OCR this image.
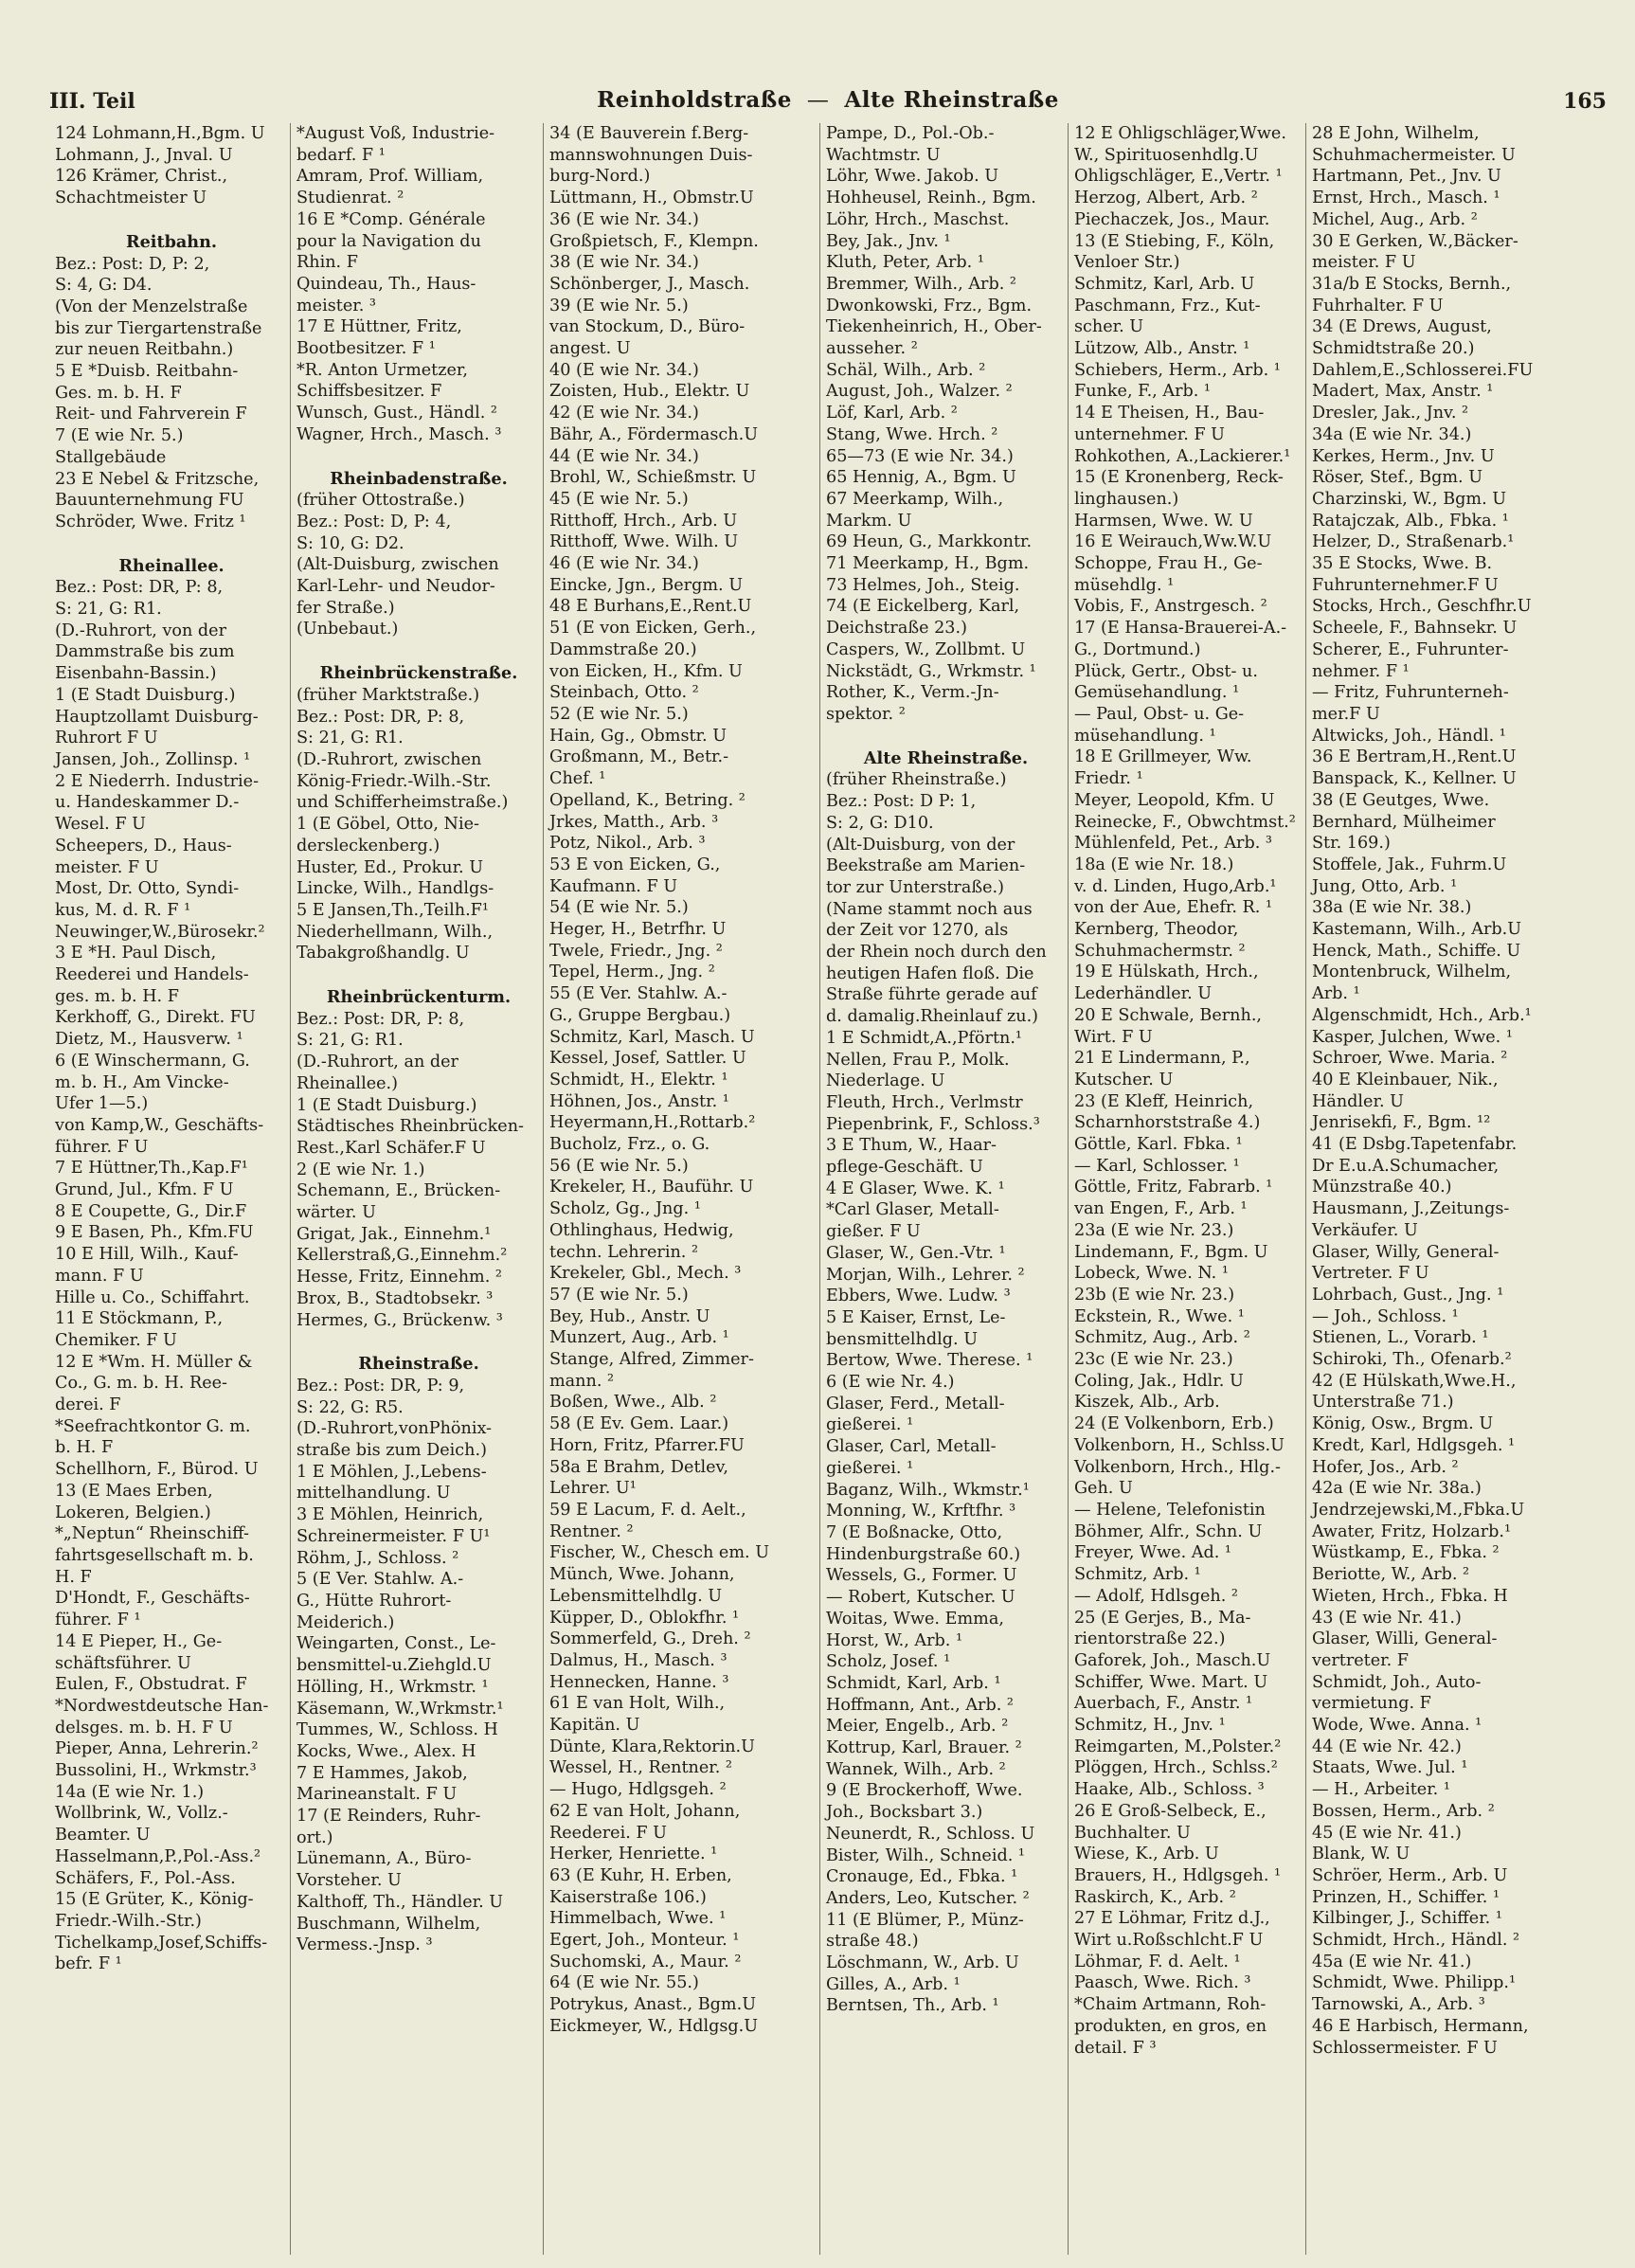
III. Teil	Reinholdstraße — Alte Rheinstraße	165
124 Lohmann,H.,Bgm. U
Lohmann, J., Jnval. U
126 Krämer, Christ.,
Schachtmeister U
Reitbahn.
Bez.: Post: D, P: 2,
S: 4, G: D4.
(Von der Menzelstraße
bis zur Tiergartenstraße
zur neuen Reitbahn.)
5 E *Duisb. Reitbahn-
Ges. m. b. H. F
Reit- und Fahrverein F
7 (E wie Nr. 5.)
Stallgebäude
23 E Nebel & Fritzsche,
Bauunternehmung FU
Schröder, Wwe. Fritz ¹
Rheinallee.
Bez.: Post: DR, P: 8,
S: 21, G: R1.
(D.-Ruhrort, von der
Dammstraße bis zum
Eisenbahn-Bassin.)
1 (E Stadt Duisburg.)
Hauptzollamt Duisburg-
Ruhrort F U
Jansen, Joh., Zollinsp. ¹
2 E Niederrh. Industrie-
u. Handeskammer D.-
Wesel. F U
Scheepers, D., Haus-
meister. F U
Most, Dr. Otto, Syndi-
kus, M. d. R. F ¹
Neuwinger,W.,Bürosekr.²
3 E *H. Paul Disch,
Reederei und Handels-
ges. m. b. H. F
Kerkhoff, G., Direkt. FU
Dietz, M., Hausverw. ¹
6 (E Winschermann, G.
m. b. H., Am Vincke-
Ufer 1—5.)
von Kamp,W., Geschäfts-
führer. F U
7 E Hüttner,Th.,Kap.F¹
Grund, Jul., Kfm. F U
8 E Coupette, G., Dir.F
9 E Basen, Ph., Kfm.FU
10 E Hill, Wilh., Kauf-
mann. F U
Hille u. Co., Schiffahrt.
11 E Stöckmann, P.,
Chemiker. F U
12 E *Wm. H. Müller &
Co., G. m. b. H. Ree-
derei. F
*Seefrachtkontor G. m.
b. H. F
Schellhorn, F., Bürod. U
13 (E Maes Erben,
Lokeren, Belgien.)
*„Neptun“ Rheinschiff-
fahrtsgesellschaft m. b.
H. F
D'Hondt, F., Geschäfts-
führer. F ¹
14 E Pieper, H., Ge-
schäftsführer. U
Eulen, F., Obstudrat. F
*Nordwestdeutsche Han-
delsges. m. b. H. F U
Pieper, Anna, Lehrerin.²
Bussolini, H., Wrkmstr.³
14a (E wie Nr. 1.)
Wollbrink, W., Vollz.-
Beamter. U
Hasselmann,P.,Pol.-Ass.²
Schäfers, F., Pol.-Ass.
15 (E Grüter, K., König-
Friedr.-Wilh.-Str.)
Tichelkamp,Josef,Schiffs-
befr. F ¹
*August Voß, Industrie-
bedarf. F ¹
Amram, Prof. William,
Studienrat. ²
16 E *Comp. Générale
pour la Navigation du
Rhin. F
Quindeau, Th., Haus-
meister. ³
17 E Hüttner, Fritz,
Bootbesitzer. F ¹
*R. Anton Urmetzer,
Schiffsbesitzer. F
Wunsch, Gust., Händl. ²
Wagner, Hrch., Masch. ³
Rheinbadenstraße.
(früher Ottostraße.)
Bez.: Post: D, P: 4,
S: 10, G: D2.
(Alt-Duisburg, zwischen
Karl-Lehr- und Neudor-
fer Straße.)
(Unbebaut.)
Rheinbrückenstraße.
(früher Marktstraße.)
Bez.: Post: DR, P: 8,
S: 21, G: R1.
(D.-Ruhrort, zwischen
König-Friedr.-Wilh.-Str.
und Schifferheimstraße.)
1 (E Göbel, Otto, Nie-
dersleckenberg.)
Huster, Ed., Prokur. U
Lincke, Wilh., Handlgs-
5 E Jansen,Th.,Teilh.F¹
Niederhellmann, Wilh.,
Tabakgroßhandlg. U
Rheinbrückenturm.
Bez.: Post: DR, P: 8,
S: 21, G: R1.
(D.-Ruhrort, an der
Rheinallee.)
1 (E Stadt Duisburg.)
Städtisches Rheinbrücken-
Rest.,Karl Schäfer.F U
2 (E wie Nr. 1.)
Schemann, E., Brücken-
wärter. U
Grigat, Jak., Einnehm.¹
Kellerstraß,G.,Einnehm.²
Hesse, Fritz, Einnehm. ²
Brox, B., Stadtobsekr. ³
Hermes, G., Brückenw. ³
Rheinstraße.
Bez.: Post: DR, P: 9,
S: 22, G: R5.
(D.-Ruhrort,vonPhönix-
straße bis zum Deich.)
1 E Möhlen, J.,Lebens-
mittelhandlung. U
3 E Möhlen, Heinrich,
Schreinermeister. F U¹
Röhm, J., Schloss. ²
5 (E Ver. Stahlw. A.-
G., Hütte Ruhrort-
Meiderich.)
Weingarten, Const., Le-
bensmittel-u.Ziehgld.U
Hölling, H., Wrkmstr. ¹
Käsemann, W.,Wrkmstr.¹
Tummes, W., Schloss. H
Kocks, Wwe., Alex. H
7 E Hammes, Jakob,
Marineanstalt. F U
17 (E Reinders, Ruhr-
ort.)
Lünemann, A., Büro-
Vorsteher. U
Kalthoff, Th., Händler. U
Buschmann, Wilhelm,
Vermess.-Jnsp. ³
34 (E Bauverein f.Berg-
mannswohnungen Duis-
burg-Nord.)
Lüttmann, H., Obmstr.U
36 (E wie Nr. 34.)
Großpietsch, F., Klempn.
38 (E wie Nr. 34.)
Schönberger, J., Masch.
39 (E wie Nr. 5.)
van Stockum, D., Büro-
angest. U
40 (E wie Nr. 34.)
Zoisten, Hub., Elektr. U
42 (E wie Nr. 34.)
Bähr, A., Fördermasch.U
44 (E wie Nr. 34.)
Brohl, W., Schießmstr. U
45 (E wie Nr. 5.)
Ritthoff, Hrch., Arb. U
Ritthoff, Wwe. Wilh. U
46 (E wie Nr. 34.)
Eincke, Jgn., Bergm. U
48 E Burhans,E.,Rent.U
51 (E von Eicken, Gerh.,
Dammstraße 20.)
von Eicken, H., Kfm. U
Steinbach, Otto. ²
52 (E wie Nr. 5.)
Hain, Gg., Obmstr. U
Großmann, M., Betr.-
Chef. ¹
Opelland, K., Betring. ²
Jrkes, Matth., Arb. ³
Potz, Nikol., Arb. ³
53 E von Eicken, G.,
Kaufmann. F U
54 (E wie Nr. 5.)
Heger, H., Betrfhr. U
Twele, Friedr., Jng. ²
Tepel, Herm., Jng. ²
55 (E Ver. Stahlw. A.-
G., Gruppe Bergbau.)
Schmitz, Karl, Masch. U
Kessel, Josef, Sattler. U
Schmidt, H., Elektr. ¹
Höhnen, Jos., Anstr. ¹
Heyermann,H.,Rottarb.²
Bucholz, Frz., o. G.
56 (E wie Nr. 5.)
Krekeler, H., Bauführ. U
Scholz, Gg., Jng. ¹
Othlinghaus, Hedwig,
techn. Lehrerin. ²
Krekeler, Gbl., Mech. ³
57 (E wie Nr. 5.)
Bey, Hub., Anstr. U
Munzert, Aug., Arb. ¹
Stange, Alfred, Zimmer-
mann. ²
Boßen, Wwe., Alb. ²
58 (E Ev. Gem. Laar.)
Horn, Fritz, Pfarrer.FU
58a E Brahm, Detlev,
Lehrer. U¹
59 E Lacum, F. d. Aelt.,
Rentner. ²
Fischer, W., Chesch em. U
Münch, Wwe. Johann,
Lebensmittelhdlg. U
Küpper, D., Oblokfhr. ¹
Sommerfeld, G., Dreh. ²
Dalmus, H., Masch. ³
Hennecken, Hanne. ³
61 E van Holt, Wilh.,
Kapitän. U
Dünte, Klara,Rektorin.U
Wessel, H., Rentner. ²
— Hugo, Hdlgsgeh. ²
62 E van Holt, Johann,
Reederei. F U
Herker, Henriette. ¹
63 (E Kuhr, H. Erben,
Kaiserstraße 106.)
Himmelbach, Wwe. ¹
Egert, Joh., Monteur. ¹
Suchomski, A., Maur. ²
64 (E wie Nr. 55.)
Potrykus, Anast., Bgm.U
Eickmeyer, W., Hdlgsg.U
Pampe, D., Pol.-Ob.-
Wachtmstr. U
Löhr, Wwe. Jakob. U
Hohheusel, Reinh., Bgm.
Löhr, Hrch., Maschst.
Bey, Jak., Jnv. ¹
Kluth, Peter, Arb. ¹
Bremmer, Wilh., Arb. ²
Dwonkowski, Frz., Bgm.
Tiekenheinrich, H., Ober-
ausseher. ²
Schäl, Wilh., Arb. ²
August, Joh., Walzer. ²
Löf, Karl, Arb. ²
Stang, Wwe. Hrch. ²
65—73 (E wie Nr. 34.)
65 Hennig, A., Bgm. U
67 Meerkamp, Wilh.,
Markm. U
69 Heun, G., Markkontr.
71 Meerkamp, H., Bgm.
73 Helmes, Joh., Steig.
74 (E Eickelberg, Karl,
Deichstraße 23.)
Caspers, W., Zollbmt. U
Nickstädt, G., Wrkmstr. ¹
Rother, K., Verm.-Jn-
spektor. ²
Alte Rheinstraße.
(früher Rheinstraße.)
Bez.: Post: D P: 1,
S: 2, G: D10.
(Alt-Duisburg, von der
Beekstraße am Marien-
tor zur Unterstraße.)
(Name stammt noch aus
der Zeit vor 1270, als
der Rhein noch durch den
heutigen Hafen floß. Die
Straße führte gerade auf
d. damalig.Rheinlauf zu.)
1 E Schmidt,A.,Pförtn.¹
Nellen, Frau P., Molk.
Niederlage. U
Fleuth, Hrch., Verlmstr
Piepenbrink, F., Schloss.³
3 E Thum, W., Haar-
pflege-Geschäft. U
4 E Glaser, Wwe. K. ¹
*Carl Glaser, Metall-
gießer. F U
Glaser, W., Gen.-Vtr. ¹
Morjan, Wilh., Lehrer. ²
Ebbers, Wwe. Ludw. ³
5 E Kaiser, Ernst, Le-
bensmittelhdlg. U
Bertow, Wwe. Therese. ¹
6 (E wie Nr. 4.)
Glaser, Ferd., Metall-
gießerei. ¹
Glaser, Carl, Metall-
gießerei. ¹
Baganz, Wilh., Wkmstr.¹
Monning, W., Krftfhr. ³
7 (E Boßnacke, Otto,
Hindenburgstraße 60.)
Wessels, G., Former. U
— Robert, Kutscher. U
Woitas, Wwe. Emma,
Horst, W., Arb. ¹
Scholz, Josef. ¹
Schmidt, Karl, Arb. ¹
Hoffmann, Ant., Arb. ²
Meier, Engelb., Arb. ²
Kottrup, Karl, Brauer. ²
Wannek, Wilh., Arb. ²
9 (E Brockerhoff, Wwe.
Joh., Bocksbart 3.)
Neunerdt, R., Schloss. U
Bister, Wilh., Schneid. ¹
Cronauge, Ed., Fbka. ¹
Anders, Leo, Kutscher. ²
11 (E Blümer, P., Münz-
straße 48.)
Löschmann, W., Arb. U
Gilles, A., Arb. ¹
Berntsen, Th., Arb. ¹
12 E Ohligschläger,Wwe.
W., Spirituosenhdlg.U
Ohligschläger, E.,Vertr. ¹
Herzog, Albert, Arb. ²
Piechaczek, Jos., Maur.
13 (E Stiebing, F., Köln,
Venloer Str.)
Schmitz, Karl, Arb. U
Paschmann, Frz., Kut-
scher. U
Lützow, Alb., Anstr. ¹
Schiebers, Herm., Arb. ¹
Funke, F., Arb. ¹
14 E Theisen, H., Bau-
unternehmer. F U
Rohkothen, A.,Lackierer.¹
15 (E Kronenberg, Reck-
linghausen.)
Harmsen, Wwe. W. U
16 E Weirauch,Ww.W.U
Schoppe, Frau H., Ge-
müsehdlg. ¹
Vobis, F., Anstrgesch. ²
17 (E Hansa-Brauerei-A.-
G., Dortmund.)
Plück, Gertr., Obst- u.
Gemüsehandlung. ¹
— Paul, Obst- u. Ge-
müsehandlung. ¹
18 E Grillmeyer, Ww.
Friedr. ¹
Meyer, Leopold, Kfm. U
Reinecke, F., Obwchtmst.²
Mühlenfeld, Pet., Arb. ³
18a (E wie Nr. 18.)
v. d. Linden, Hugo,Arb.¹
von der Aue, Ehefr. R. ¹
Kernberg, Theodor,
Schuhmachermstr. ²
19 E Hülskath, Hrch.,
Lederhändler. U
20 E Schwale, Bernh.,
Wirt. F U
21 E Lindermann, P.,
Kutscher. U
23 (E Kleff, Heinrich,
Scharnhorststraße 4.)
Göttle, Karl. Fbka. ¹
— Karl, Schlosser. ¹
Göttle, Fritz, Fabrarb. ¹
van Engen, F., Arb. ¹
23a (E wie Nr. 23.)
Lindemann, F., Bgm. U
Lobeck, Wwe. N. ¹
23b (E wie Nr. 23.)
Eckstein, R., Wwe. ¹
Schmitz, Aug., Arb. ²
23c (E wie Nr. 23.)
Coling, Jak., Hdlr. U
Kiszek, Alb., Arb.
24 (E Volkenborn, Erb.)
Volkenborn, H., Schlss.U
Volkenborn, Hrch., Hlg.-
Geh. U
— Helene, Telefonistin
Böhmer, Alfr., Schn. U
Freyer, Wwe. Ad. ¹
Schmitz, Arb. ¹
— Adolf, Hdlsgeh. ²
25 (E Gerjes, B., Ma-
rientorstraße 22.)
Gaforek, Joh., Masch.U
Schiffer, Wwe. Mart. U
Auerbach, F., Anstr. ¹
Schmitz, H., Jnv. ¹
Reimgarten, M.,Polster.²
Plöggen, Hrch., Schlss.²
Haake, Alb., Schloss. ³
26 E Groß-Selbeck, E.,
Buchhalter. U
Wiese, K., Arb. U
Brauers, H., Hdlgsgeh. ¹
Raskirch, K., Arb. ²
27 E Löhmar, Fritz d.J.,
Wirt u.Roßschlcht.F U
Löhmar, F. d. Aelt. ¹
Paasch, Wwe. Rich. ³
*Chaim Artmann, Roh-
produkten, en gros, en
detail. F ³
28 E John, Wilhelm,
Schuhmachermeister. U
Hartmann, Pet., Jnv. U
Ernst, Hrch., Masch. ¹
Michel, Aug., Arb. ²
30 E Gerken, W.,Bäcker-
meister. F U
31a/b E Stocks, Bernh.,
Fuhrhalter. F U
34 (E Drews, August,
Schmidtstraße 20.)
Dahlem,E.,Schlosserei.FU
Madert, Max, Anstr. ¹
Dresler, Jak., Jnv. ²
34a (E wie Nr. 34.)
Kerkes, Herm., Jnv. U
Röser, Stef., Bgm. U
Charzinski, W., Bgm. U
Ratajczak, Alb., Fbka. ¹
Helzer, D., Straßenarb.¹
35 E Stocks, Wwe. B.
Fuhrunternehmer.F U
Stocks, Hrch., Geschfhr.U
Scheele, F., Bahnsekr. U
Scherer, E., Fuhrunter-
nehmer. F ¹
— Fritz, Fuhrunterneh-
mer.F U
Altwicks, Joh., Händl. ¹
36 E Bertram,H.,Rent.U
Banspack, K., Kellner. U
38 (E Geutges, Wwe.
Bernhard, Mülheimer
Str. 169.)
Stoffele, Jak., Fuhrm.U
Jung, Otto, Arb. ¹
38a (E wie Nr. 38.)
Kastemann, Wilh., Arb.U
Henck, Math., Schiffe. U
Montenbruck, Wilhelm,
Arb. ¹
Algenschmidt, Hch., Arb.¹
Kasper, Julchen, Wwe. ¹
Schroer, Wwe. Maria. ²
40 E Kleinbauer, Nik.,
Händler. U
Jenrisekfi, F., Bgm. ¹²
41 (E Dsbg.Tapetenfabr.
Dr E.u.A.Schumacher,
Münzstraße 40.)
Hausmann, J.,Zeitungs-
Verkäufer. U
Glaser, Willy, General-
Vertreter. F U
Lohrbach, Gust., Jng. ¹
— Joh., Schloss. ¹
Stienen, L., Vorarb. ¹
Schiroki, Th., Ofenarb.²
42 (E Hülskath,Wwe.H.,
Unterstraße 71.)
König, Osw., Brgm. U
Kredt, Karl, Hdlgsgeh. ¹
Hofer, Jos., Arb. ²
42a (E wie Nr. 38a.)
Jendrzejewski,M.,Fbka.U
Awater, Fritz, Holzarb.¹
Wüstkamp, E., Fbka. ²
Beriotte, W., Arb. ²
Wieten, Hrch., Fbka. H
43 (E wie Nr. 41.)
Glaser, Willi, General-
vertreter. F
Schmidt, Joh., Auto-
vermietung. F
Wode, Wwe. Anna. ¹
44 (E wie Nr. 42.)
Staats, Wwe. Jul. ¹
— H., Arbeiter. ¹
Bossen, Herm., Arb. ²
45 (E wie Nr. 41.)
Blank, W. U
Schröer, Herm., Arb. U
Prinzen, H., Schiffer. ¹
Kilbinger, J., Schiffer. ¹
Schmidt, Hrch., Händl. ²
45a (E wie Nr. 41.)
Schmidt, Wwe. Philipp.¹
Tarnowski, A., Arb. ³
46 E Harbisch, Hermann,
Schlossermeister. F U
